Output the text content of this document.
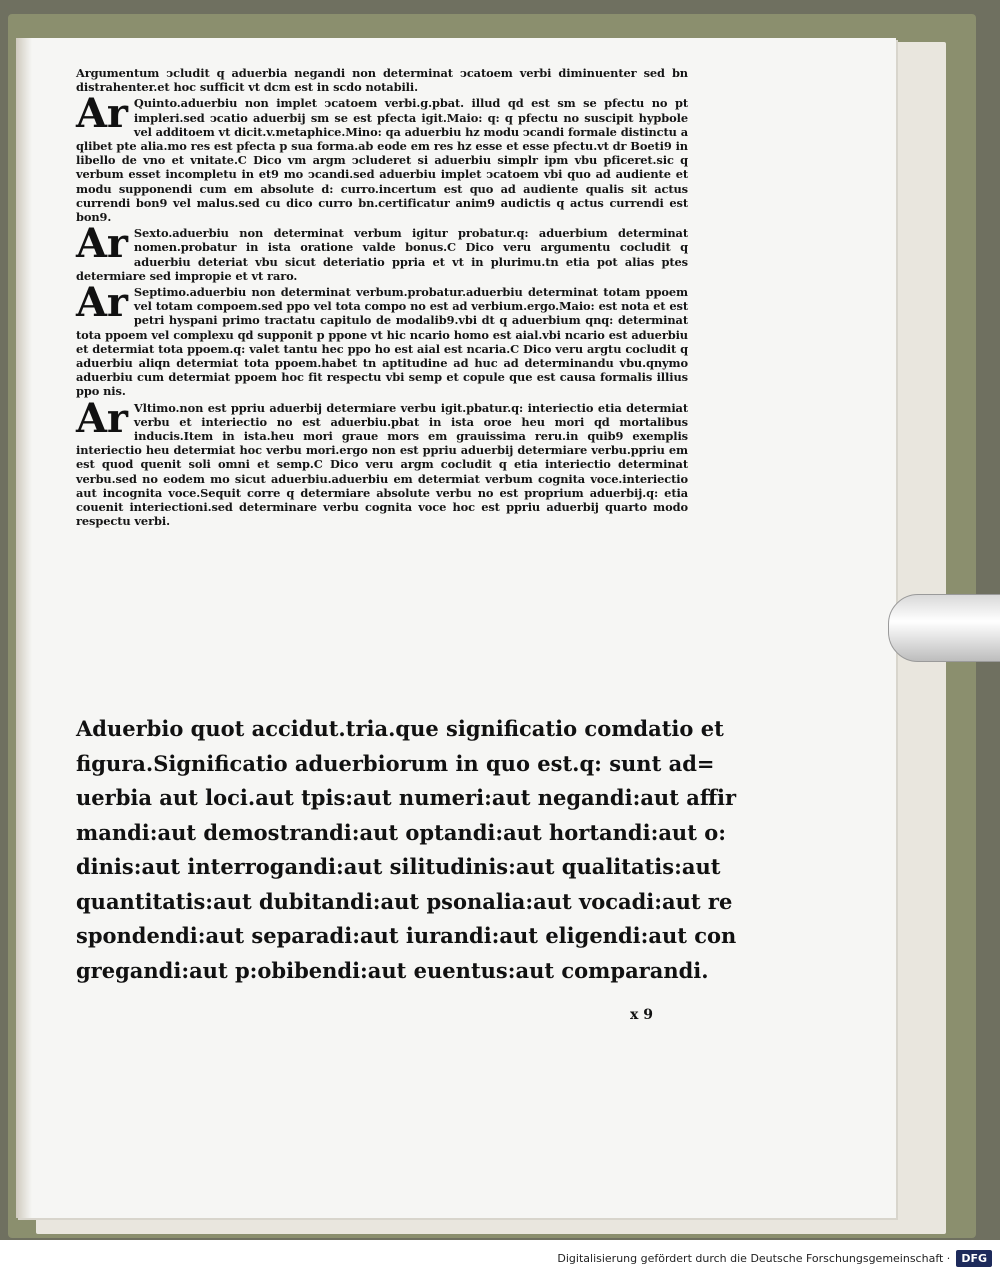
Argumentum ↄcludit q aduerbia negandi non determinat ↄcatoem verbi diminuenter sed bn distrahenter.et hoc sufficit vt dcm est in scdo notabili.

Ar Quinto.aduerbiu non implet ↄcatoem verbi.g.pbat. illud qd est sm se pfectu no pt impleri.sed ↄcatio aduerbij sm se est pfecta igit.Maio: q: q pfectu no suscipit hypbole vel additoem vt dicit.v.metaphice.Mino: qa aduerbiu hz modu ↄcandi formale distinctu a qlibet pte alia.mo res est pfecta p sua forma.ab eode em res hz esse et esse pfectu.vt dr Boeti9 in libello de vno et vnitate.C Dico vm argm ↄcluderet si aduerbiu simplr ipm vbu pficeret.sic q verbum esset incompletu in et9 mo ↄcandi.sed aduerbiu implet ↄcatoem vbi quo ad audiente et modu supponendi cum em absolute d: curro.incertum est quo ad audiente qualis sit actus currendi bon9 vel malus.sed cu dico curro bn.certificatur anim9 audictis q actus currendi est bon9.

Ar Sexto.aduerbiu non determinat verbum igitur probatur.q: aduerbium determinat nomen.probatur in ista oratione valde bonus.C Dico veru argumentu cocludit q aduerbiu deteriat vbu sicut deteriatio ppria et vt in plurimu.tn etia pot alias ptes determiare sed impropie et vt raro.

Ar Septimo.aduerbiu non determinat verbum.probatur.aduerbiu determinat totam ppoem vel totam compoem.sed ppo vel tota compo no est ad verbium.ergo.Maio: est nota et est petri hyspani primo tractatu capitulo de modalib9.vbi dt q aduerbium qnq: determinat tota ppoem vel complexu qd supponit p ppone vt hic ncario homo est aial.vbi ncario est aduerbiu et determiat tota ppoem.q: valet tantu hec ppo ho est aial est ncaria.C Dico veru argtu cocludit q aduerbiu aliqn determiat tota ppoem.habet tn aptitudine ad huc ad determinandu vbu.qnymo aduerbiu cum determiat ppoem hoc fit respectu vbi semp et copule que est causa formalis illius ppo nis.

Ar Vltimo.non est ppriu aduerbij determiare verbu igit.pbatur.q: interiectio etia determiat verbu et interiectio no est aduerbiu.pbat in ista oroe heu mori qd mortalibus inducis.Item in ista.heu mori graue mors em grauissima reru.in quib9 exemplis interiectio heu determiat hoc verbu mori.ergo non est ppriu aduerbij determiare verbu.ppriu em est quod quenit soli omni et semp.C Dico veru argm cocludit q etia interiectio determinat verbu.sed no eodem mo sicut aduerbiu.aduerbiu em determiat verbum cognita voce.interiectio aut incognita voce.Sequit corre q determiare absolute verbu no est proprium aduerbij.q: etia couenit interiectioni.sed determinare verbu cognita voce hoc est ppriu aduerbij quarto modo respectu verbi.

Aduerbio quot accidut.tria.que significatio comdatio et
figura.Significatio aduerbiorum in quo est.q: sunt ad=
uerbia aut loci.aut tpis:aut numeri:aut negandi:aut affir
mandi:aut demostrandi:aut optandi:aut hortandi:aut o:
dinis:aut interrogandi:aut silitudinis:aut qualitatis:aut
quantitatis:aut dubitandi:aut psonalia:aut vocadi:aut re
spondendi:aut separadi:aut iurandi:aut eligendi:aut con
gregandi:aut p:obibendi:aut euentus:aut comparandi.
x 9
Digitalisierung gefördert durch die Deutsche Forschungsgemeinschaft ·	DFG
